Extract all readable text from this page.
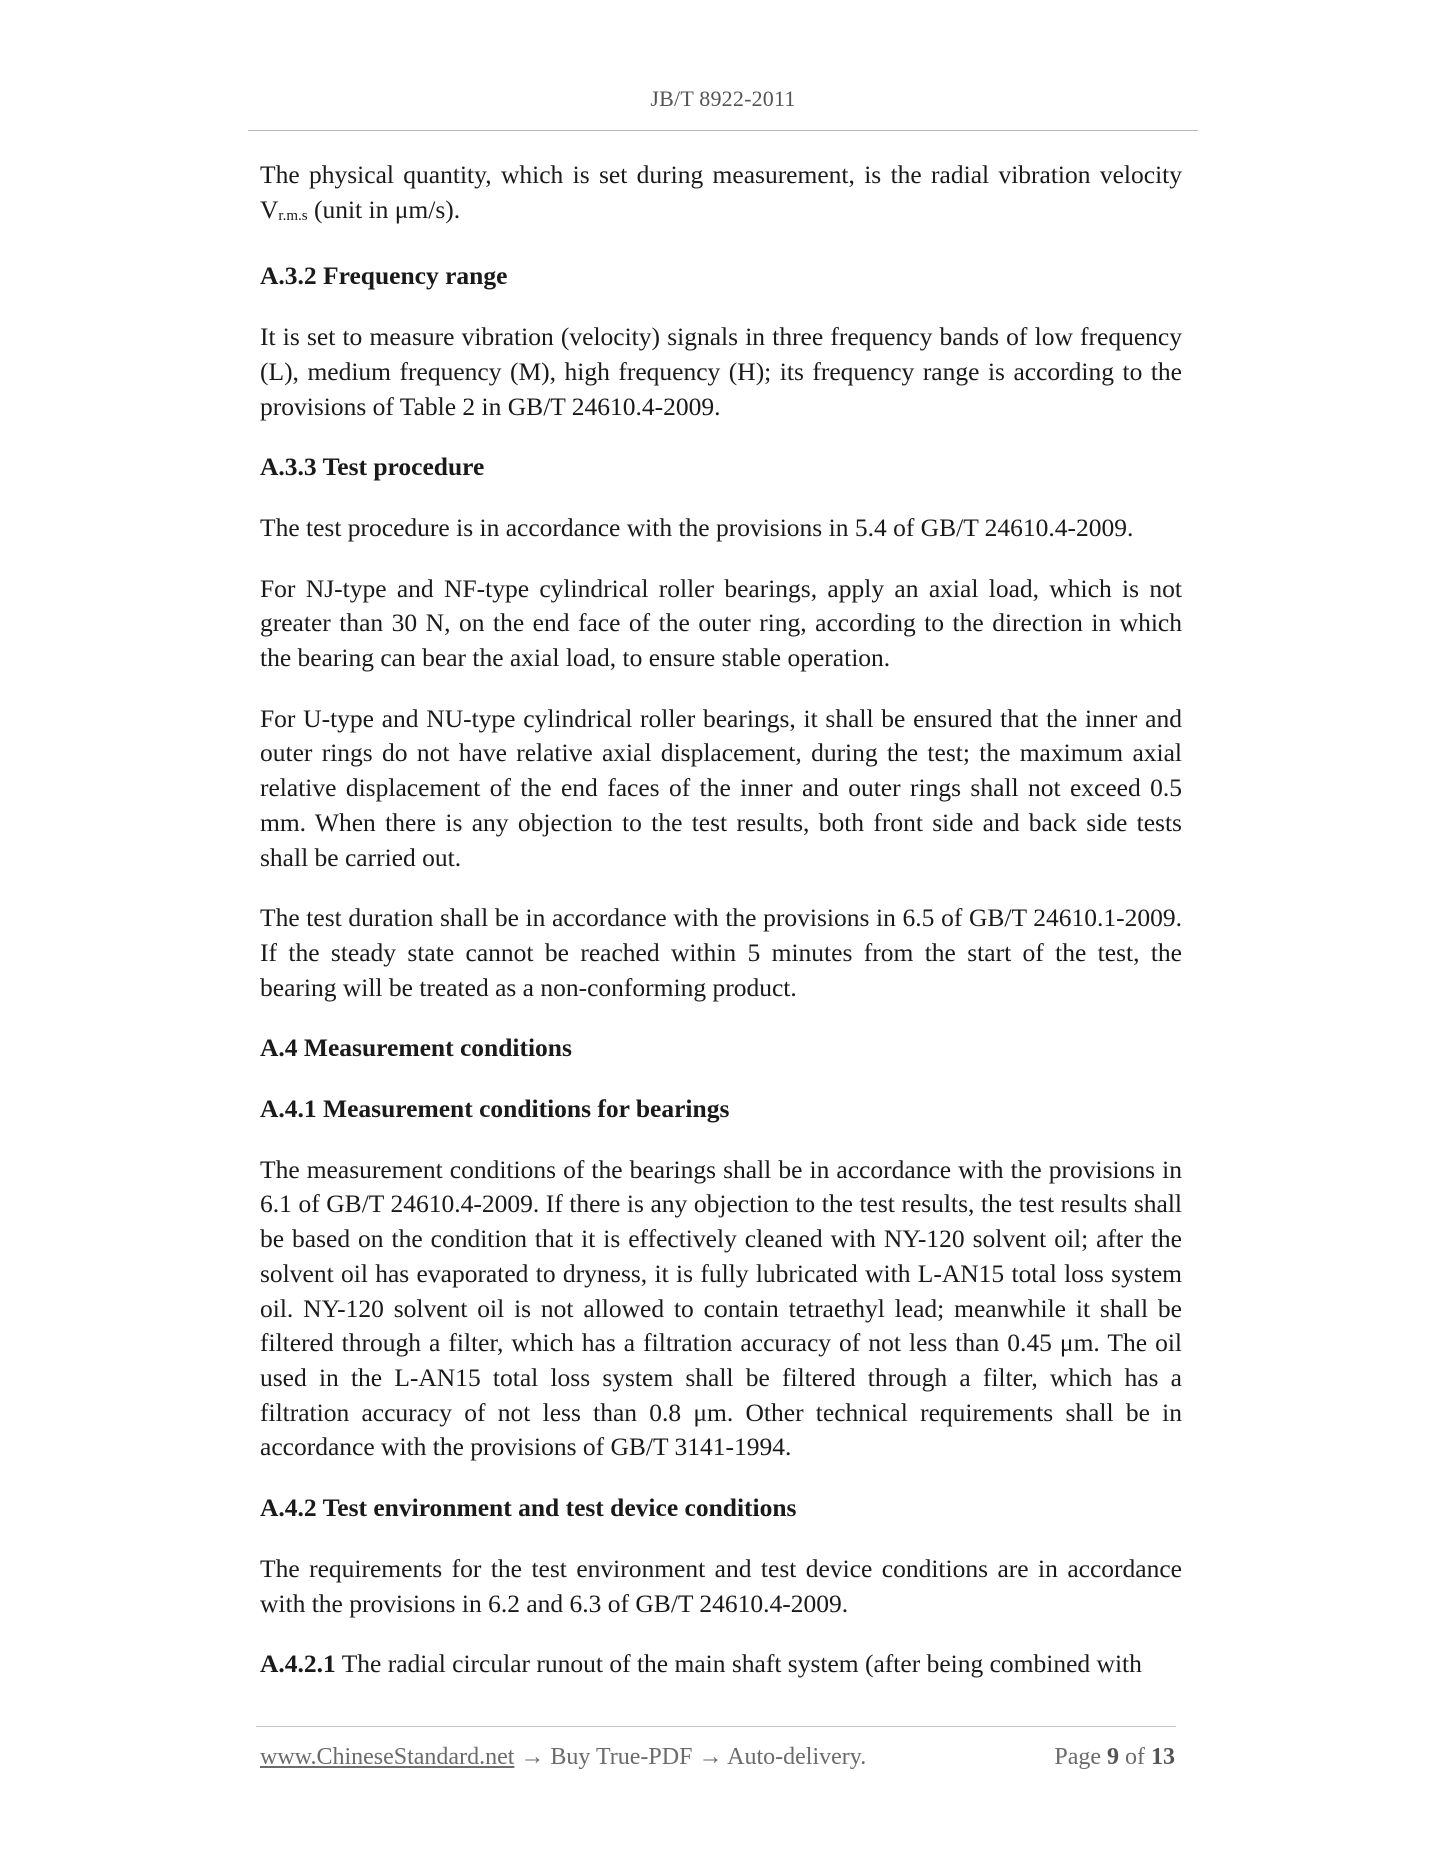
JB/T 8922-2011

The physical quantity, which is set during measurement, is the radial vibration velocity Vr.m.s (unit in μm/s).

A.3.2 Frequency range

It is set to measure vibration (velocity) signals in three frequency bands of low frequency (L), medium frequency (M), high frequency (H); its frequency range is according to the provisions of Table 2 in GB/T 24610.4-2009.

A.3.3 Test procedure

The test procedure is in accordance with the provisions in 5.4 of GB/T 24610.4-2009.

For NJ-type and NF-type cylindrical roller bearings, apply an axial load, which is not greater than 30 N, on the end face of the outer ring, according to the direction in which the bearing can bear the axial load, to ensure stable operation.

For U-type and NU-type cylindrical roller bearings, it shall be ensured that the inner and outer rings do not have relative axial displacement, during the test; the maximum axial relative displacement of the end faces of the inner and outer rings shall not exceed 0.5 mm. When there is any objection to the test results, both front side and back side tests shall be carried out.

The test duration shall be in accordance with the provisions in 6.5 of GB/T 24610.1-2009. If the steady state cannot be reached within 5 minutes from the start of the test, the bearing will be treated as a non-conforming product.

A.4 Measurement conditions

A.4.1 Measurement conditions for bearings

The measurement conditions of the bearings shall be in accordance with the provisions in 6.1 of GB/T 24610.4-2009. If there is any objection to the test results, the test results shall be based on the condition that it is effectively cleaned with NY-120 solvent oil; after the solvent oil has evaporated to dryness, it is fully lubricated with L-AN15 total loss system oil. NY-120 solvent oil is not allowed to contain tetraethyl lead; meanwhile it shall be filtered through a filter, which has a filtration accuracy of not less than 0.45 μm. The oil used in the L-AN15 total loss system shall be filtered through a filter, which has a filtration accuracy of not less than 0.8 μm. Other technical requirements shall be in accordance with the provisions of GB/T 3141-1994.

A.4.2 Test environment and test device conditions

The requirements for the test environment and test device conditions are in accordance with the provisions in 6.2 and 6.3 of GB/T 24610.4-2009.

A.4.2.1 The radial circular runout of the main shaft system (after being combined with

www.ChineseStandard.net → Buy True-PDF → Auto-delivery.	Page 9 of 13
